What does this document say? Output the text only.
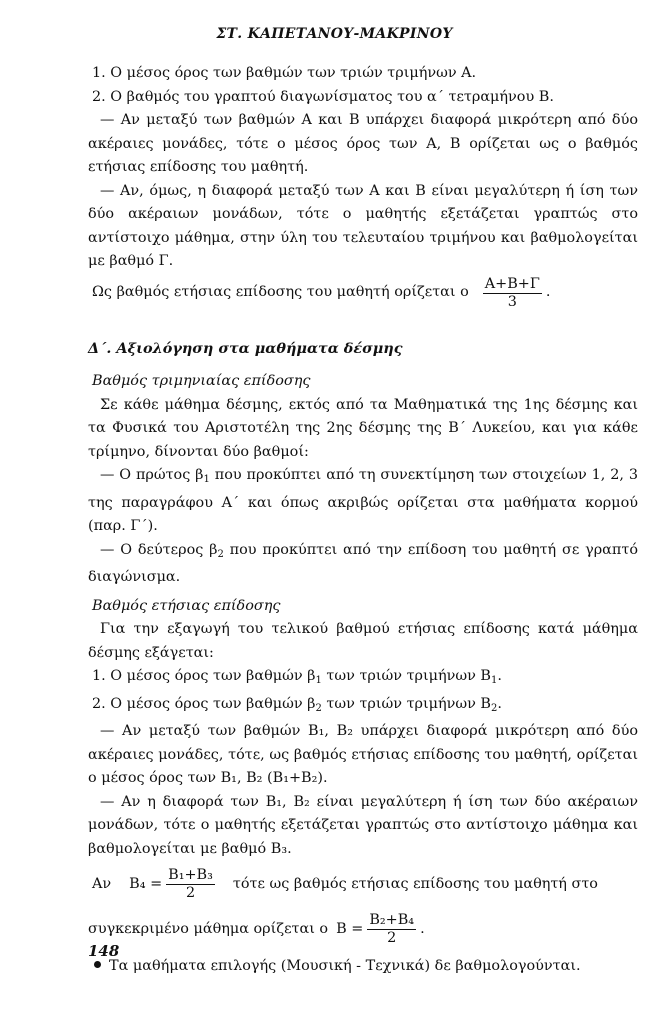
ΣΤ. ΚΑΠΕΤΑΝΟΥ-ΜΑΚΡΙΝΟΥ

1. Ο μέσος όρος των βαθμών των τριών τριμήνων Α.

2. Ο βαθμός του γραπτού διαγωνίσματος του α΄ τετραμήνου Β.

— Αν μεταξύ των βαθμών Α και Β υπάρχει διαφορά μικρότερη από δύο ακέραιες μονάδες, τότε ο μέσος όρος των Α, Β ορίζεται ως ο βαθμός ετήσιας επίδοσης του μαθητή.

— Αν, όμως, η διαφορά μεταξύ των Α και Β είναι μεγαλύτερη ή ίση των δύο ακέραιων μονάδων, τότε ο μαθητής εξετάζεται γραπτώς στο αντίστοιχο μάθημα, στην ύλη του τελευταίου τριμήνου και βαθμολογείται με βαθμό Γ.

Ως βαθμός ετήσιας επίδοσης του μαθητή ορίζεται ο $\frac{A+B+\Gamma}{3}$ .
Δ΄. Αξιολόγηση στα μαθήματα δέσμης
Βαθμός τριμηνιαίας επίδοσης

Σε κάθε μάθημα δέσμης, εκτός από τα Μαθηματικά της 1ης δέσμης και τα Φυσικά του Αριστοτέλη της 2ης δέσμης της Β΄ Λυκείου, και για κάθε τρίμηνο, δίνονται δύο βαθμοί:

— Ο πρώτος $\beta_1$ που προκύπτει από τη συνεκτίμηση των στοιχείων 1, 2, 3 της παραγράφου Α΄ και όπως ακριβώς ορίζεται στα μαθήματα κορμού (παρ. Γ΄).

— Ο δεύτερος $\beta_2$ που προκύπτει από την επίδοση του μαθητή σε γραπτό διαγώνισμα.

Βαθμός ετήσιας επίδοσης

Για την εξαγωγή του τελικού βαθμού ετήσιας επίδοσης κατά μάθημα δέσμης εξάγεται:

1. Ο μέσος όρος των βαθμών $\beta_1$ των τριών τριμήνων $B_1$.

2. Ο μέσος όρος των βαθμών $\beta_2$ των τριών τριμήνων $B_2$.

— Αν μεταξύ των βαθμών Β₁, Β₂ υπάρχει διαφορά μικρότερη από δύο ακέραιες μονάδες, τότε, ως βαθμός ετήσιας επίδοσης του μαθητή, ορίζεται ο μέσος όρος των Β₁, Β₂ (Β₁+Β₂).

— Αν η διαφορά των Β₁, Β₂ είναι μεγαλύτερη ή ίση των δύο ακέραιων μονάδων, τότε ο μαθητής εξετάζεται γραπτώς στο αντίστοιχο μάθημα και βαθμολογείται με βαθμό Β₃.

Αν $B_4 = \frac{\text{Β₁+Β₃}}{2}$ τότε ως βαθμός ετήσιας επίδοσης του μαθητή στο
συγκεκριμένο μάθημα ορίζεται ο $B = \frac{\text{Β₂+Β₄}}{2}$ .

Τα μαθήματα επιλογής (Μουσική - Τεχνικά) δε βαθμολογούνται.

148
